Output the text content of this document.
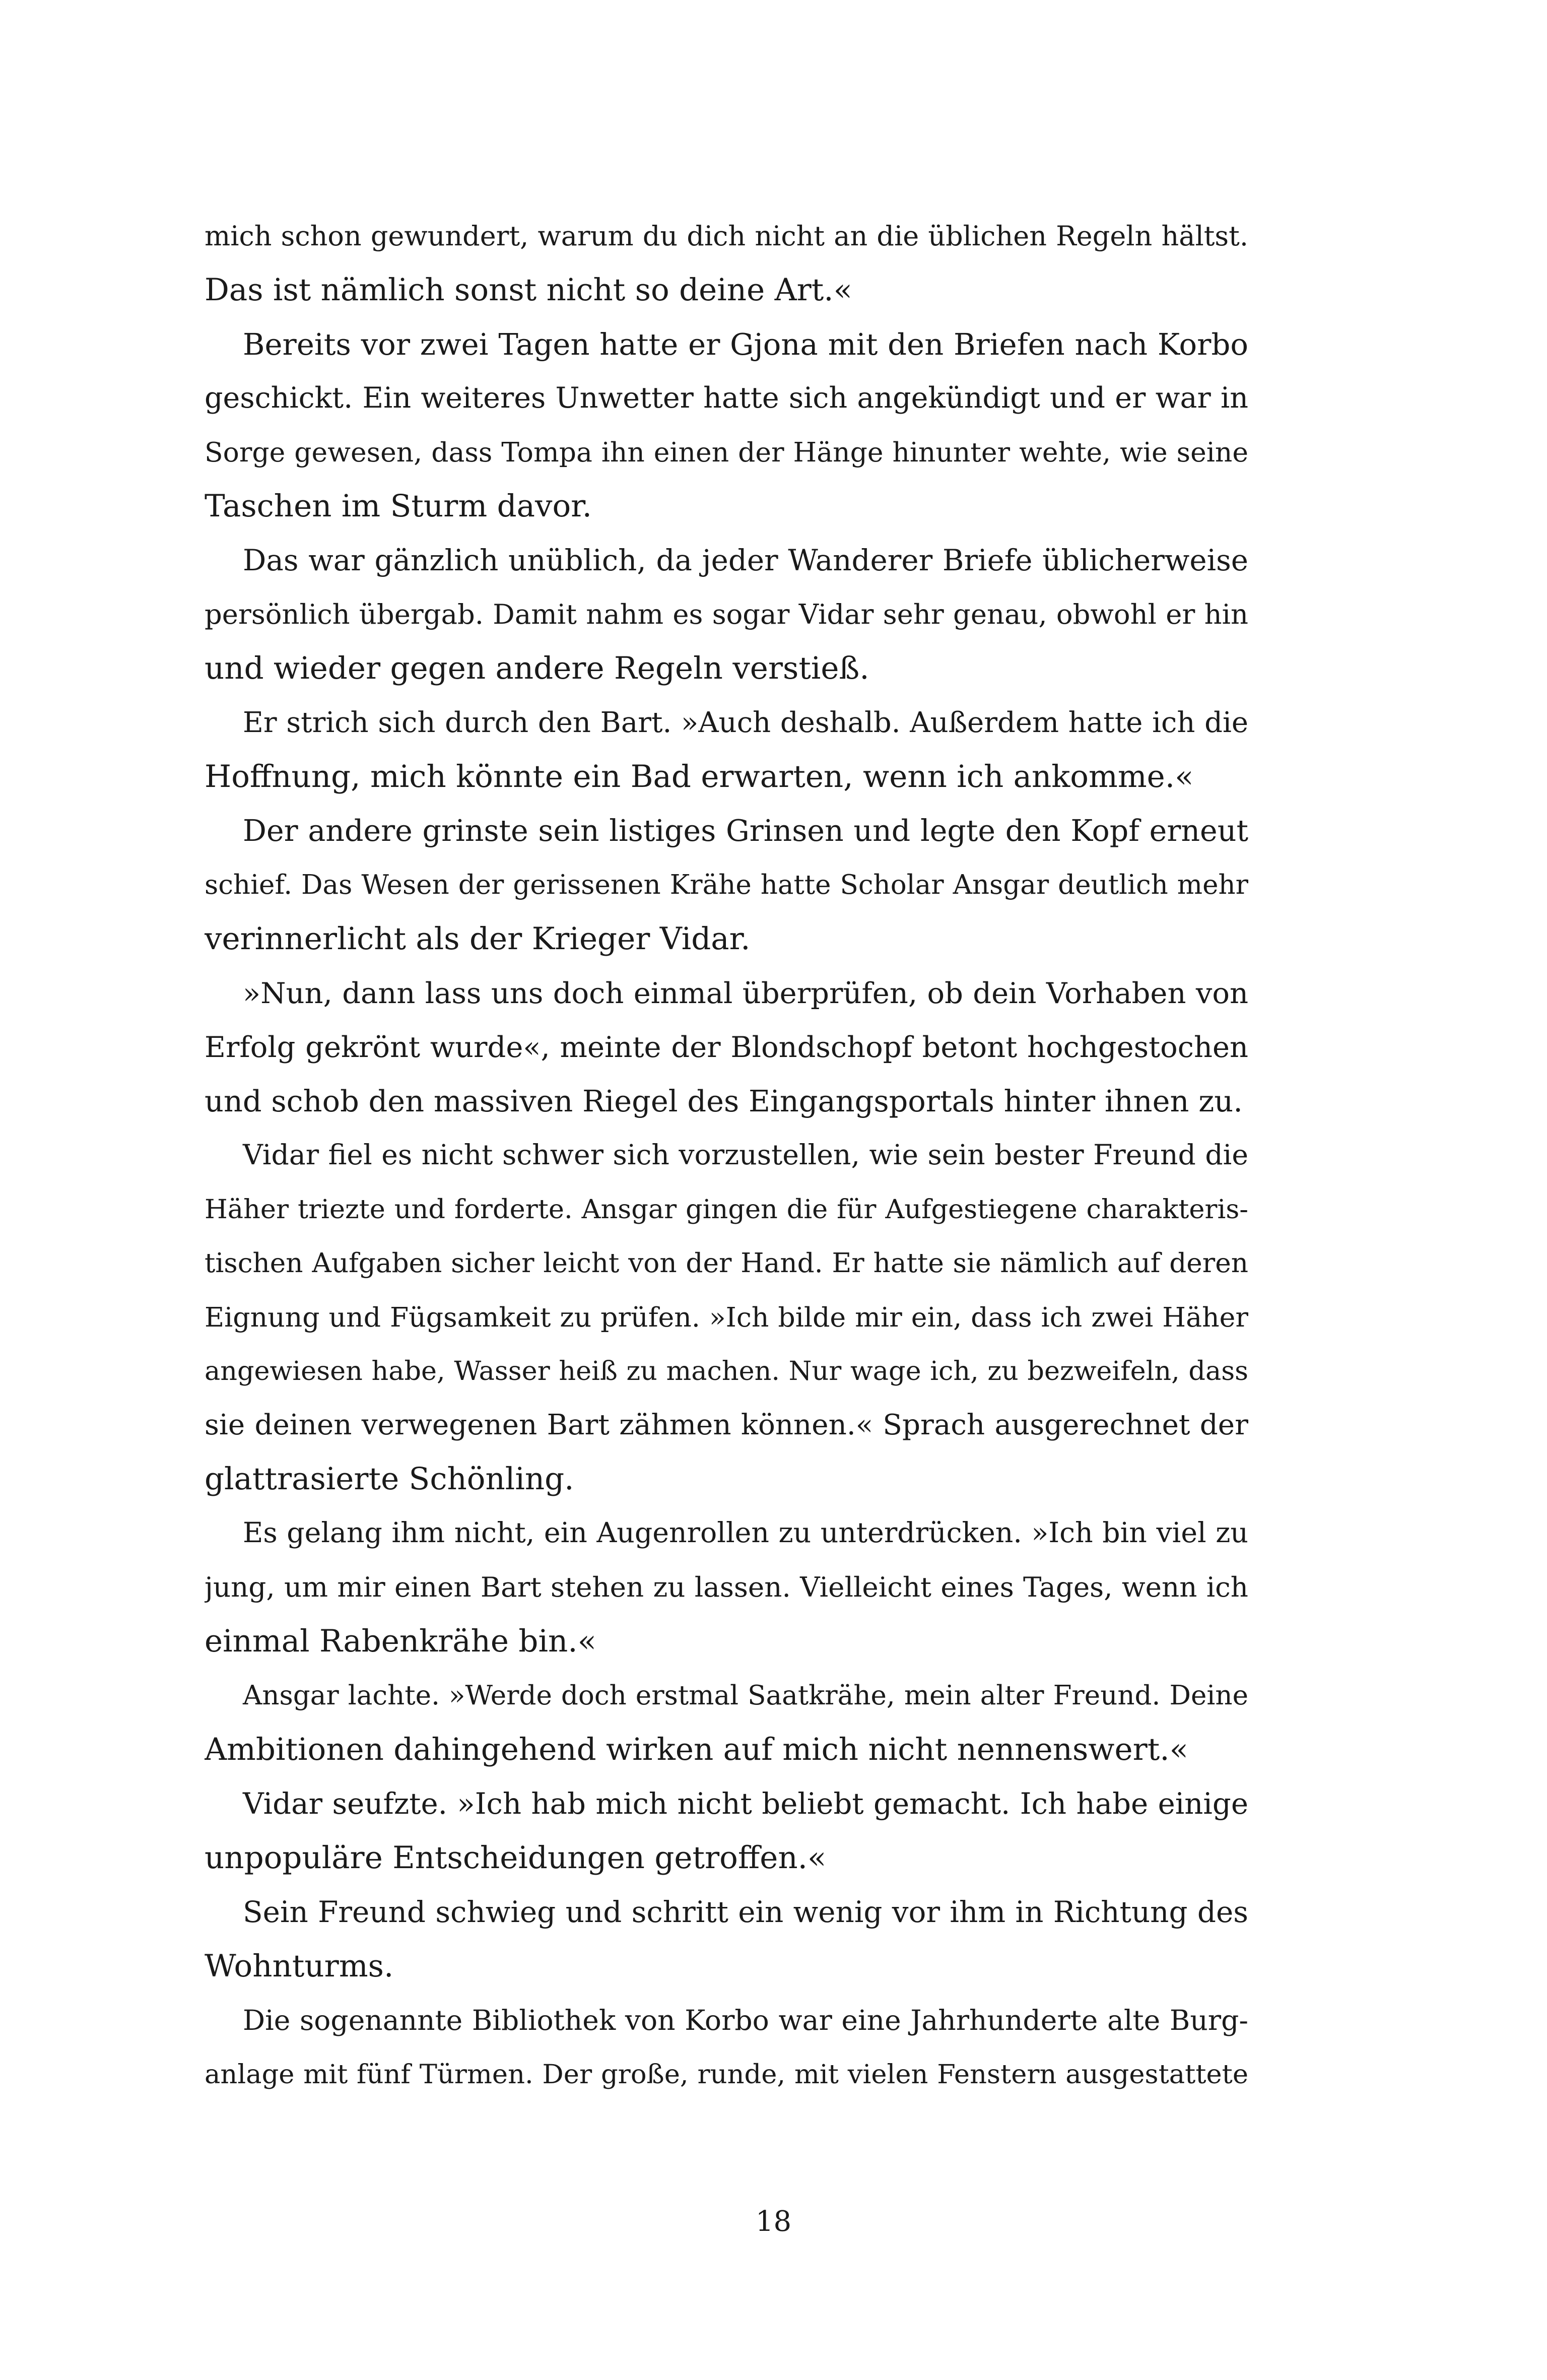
mich schon gewundert, warum du dich nicht an die üblichen Regeln hältst.
Das ist nämlich sonst nicht so deine Art.«
Bereits vor zwei Tagen hatte er Gjona mit den Briefen nach Korbo
geschickt. Ein weiteres Unwetter hatte sich angekündigt und er war in
Sorge gewesen, dass Tompa ihn einen der Hänge hinunter wehte, wie seine
Taschen im Sturm davor.
Das war gänzlich unüblich, da jeder Wanderer Briefe üblicherweise
persönlich übergab. Damit nahm es sogar Vidar sehr genau, obwohl er hin
und wieder gegen andere Regeln verstieß.
Er strich sich durch den Bart. »Auch deshalb. Außerdem hatte ich die
Hoffnung, mich könnte ein Bad erwarten, wenn ich ankomme.«
Der andere grinste sein listiges Grinsen und legte den Kopf erneut
schief. Das Wesen der gerissenen Krähe hatte Scholar Ansgar deutlich mehr
verinnerlicht als der Krieger Vidar.
»Nun, dann lass uns doch einmal überprüfen, ob dein Vorhaben von
Erfolg gekrönt wurde«, meinte der Blondschopf betont hochgestochen
und schob den massiven Riegel des Eingangsportals hinter ihnen zu.
Vidar fiel es nicht schwer sich vorzustellen, wie sein bester Freund die
Häher triezte und forderte. Ansgar gingen die für Aufgestiegene charakteris-
tischen Aufgaben sicher leicht von der Hand. Er hatte sie nämlich auf deren
Eignung und Fügsamkeit zu prüfen. »Ich bilde mir ein, dass ich zwei Häher
angewiesen habe, Wasser heiß zu machen. Nur wage ich, zu bezweifeln, dass
sie deinen verwegenen Bart zähmen können.« Sprach ausgerechnet der
glattrasierte Schönling.
Es gelang ihm nicht, ein Augenrollen zu unterdrücken. »Ich bin viel zu
jung, um mir einen Bart stehen zu lassen. Vielleicht eines Tages, wenn ich
einmal Rabenkrähe bin.«
Ansgar lachte. »Werde doch erstmal Saatkrähe, mein alter Freund. Deine
Ambitionen dahingehend wirken auf mich nicht nennenswert.«
Vidar seufzte. »Ich hab mich nicht beliebt gemacht. Ich habe einige
unpopuläre Entscheidungen getroffen.«
Sein Freund schwieg und schritt ein wenig vor ihm in Richtung des
Wohnturms.
Die sogenannte Bibliothek von Korbo war eine Jahrhunderte alte Burg-
anlage mit fünf Türmen. Der große, runde, mit vielen Fenstern ausgestattete
18
